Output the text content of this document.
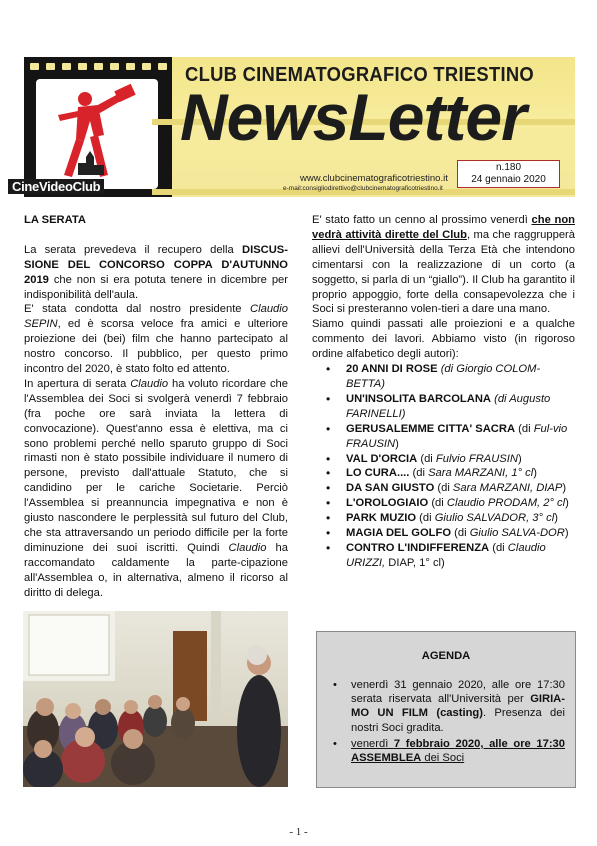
CineVideoClub
CLUB CINEMATOGRAFICO TRIESTINO
NewsLetter
www.clubcinematograficotriestino.it
e-mail:consigliodirettivo@clubcinematograficotriestino.it
n.180
24 gennaio 2020
LA SERATA

La serata prevedeva il recupero della DISCUS-SIONE DEL CONCORSO COPPA D'AUTUNNO 2019 che non si era potuta tenere in dicembre per indisponibilità dell'aula.

E' stata condotta dal nostro presidente Claudio SEPIN, ed è scorsa veloce fra amici e ulteriore proiezione dei (bei) film che hanno partecipato al nostro concorso. Il pubblico, per questo primo incontro del 2020, è stato folto ed attento.

In apertura di serata Claudio ha voluto ricordare che l'Assemblea dei Soci si svolgerà venerdì 7 febbraio (fra poche ore sarà inviata la lettera di convocazione). Quest'anno essa è elettiva, ma ci sono problemi perché nello sparuto gruppo di Soci rimasti non è stato possibile individuare il numero di persone, previsto dall'attuale Statuto, che si candidino per le cariche Societarie. Perciò l'Assemblea si preannuncia impegnativa e non è giusto nascondere le perplessità sul futuro del Club, che sta attraversando un periodo difficile per la forte diminuzione dei suoi iscritti. Quindi Claudio ha raccomandato caldamente la parte-cipazione all'Assemblea o, in alternativa, almeno il ricorso al diritto di delega.

E' stato fatto un cenno al prossimo venerdì che non vedrà attività dirette del Club, ma che raggrupperà allievi dell'Università della Terza Età che intendono cimentarsi con la realizzazione di un corto (a soggetto, si parla di un “giallo”). Il Club ha garantito il proprio appoggio, forte della consapevolezza che i Soci si presteranno volen-tieri a dare una mano.

Siamo quindi passati alle proiezioni e a qualche commento dei lavori. Abbiamo visto (in rigoroso ordine alfabetico degli autori):

• 20 ANNI DI ROSE (di Giorgio COLOM-BETTA)
• UN'INSOLITA BARCOLANA (di Augusto FARINELLI)
• GERUSALEMME CITTA' SACRA (di Ful-vio FRAUSIN)
• VAL D'ORCIA (di Fulvio FRAUSIN)
• LO CURA.... (di Sara MARZANI, 1° cl)
• DA SAN GIUSTO (di Sara MARZANI, DIAP)
• L'OROLOGIAIO (di Claudio PRODAM, 2° cl)
• PARK MUZIO (di Giulio SALVADOR, 3° cl)
• MAGIA DEL GOLFO (di Giulio SALVA-DOR)
• CONTRO L'INDIFFERENZA (di Claudio URIZZI, DIAP, 1° cl)
AGENDA
• venerdì 31 gennaio 2020, alle ore 17:30 serata riservata all'Università per GIRIA-MO UN FILM (casting). Presenza dei nostri Soci gradita.
• venerdì 7 febbraio 2020, alle ore 17:30 ASSEMBLEA dei Soci
- 1 -
